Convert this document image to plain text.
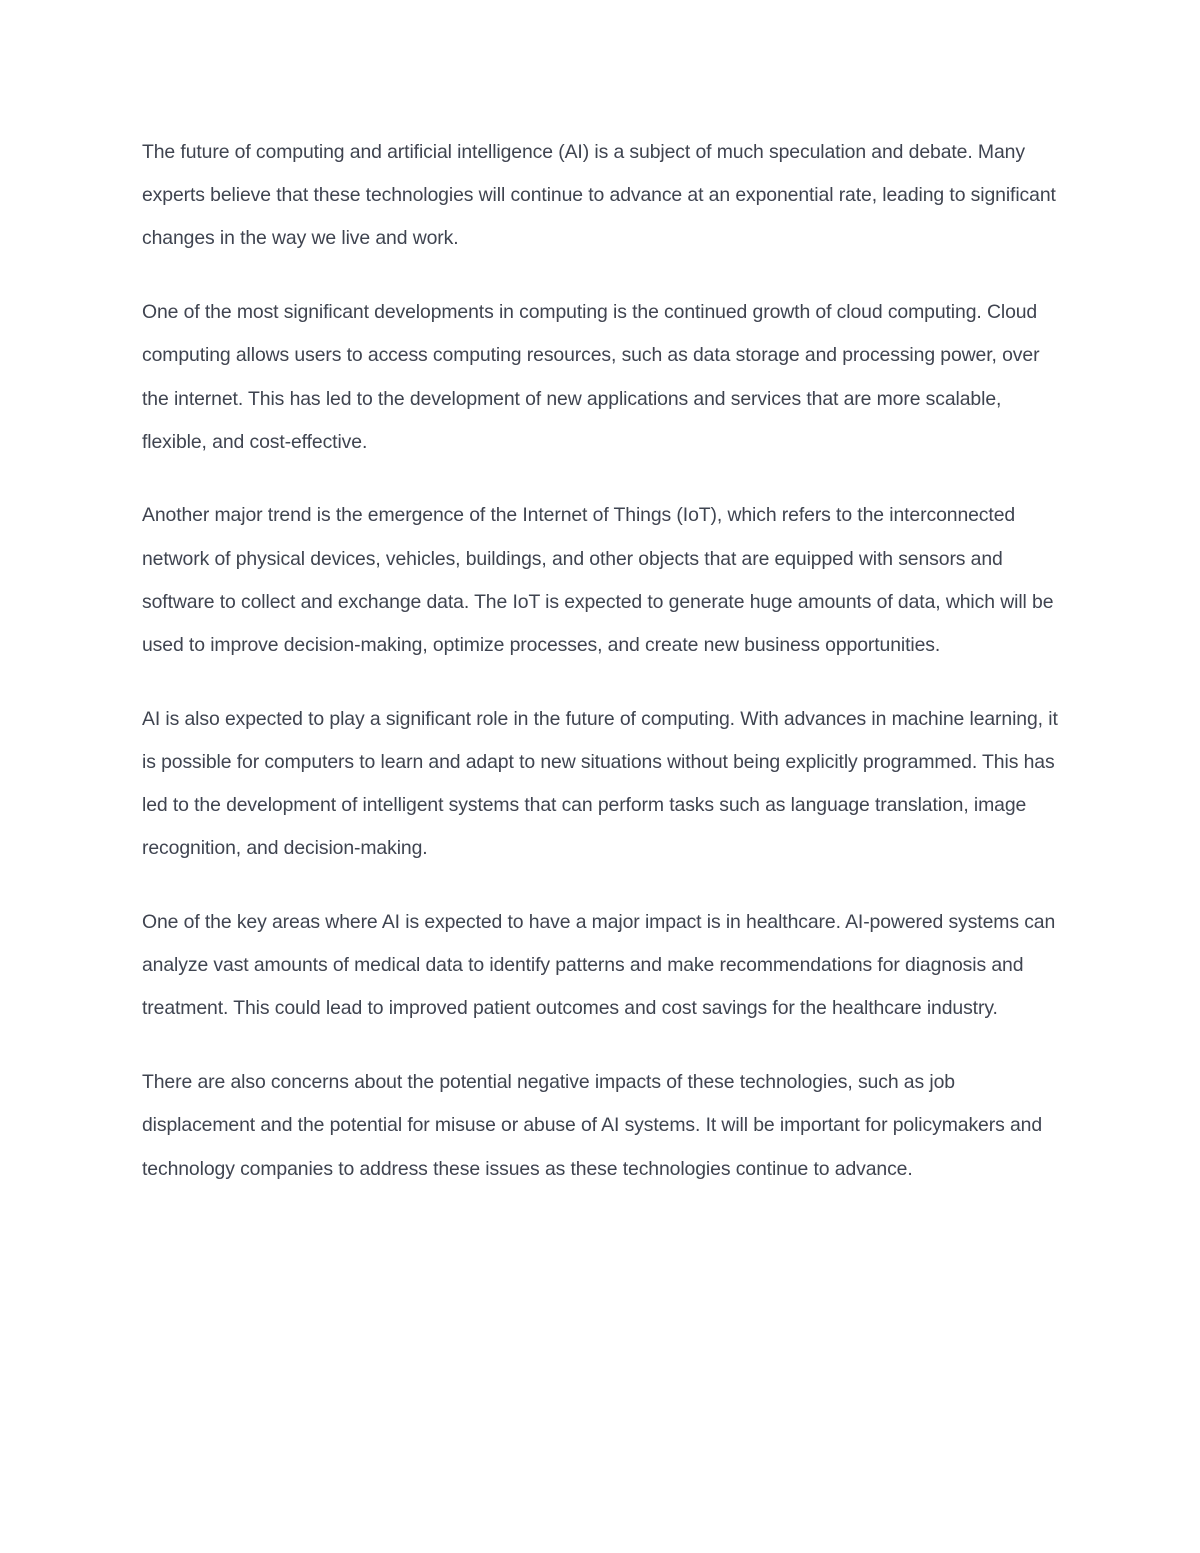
The future of computing and artificial intelligence (AI) is a subject of much speculation and debate. Many experts believe that these technologies will continue to advance at an exponential rate, leading to significant changes in the way we live and work.

One of the most significant developments in computing is the continued growth of cloud computing. Cloud computing allows users to access computing resources, such as data storage and processing power, over the internet. This has led to the development of new applications and services that are more scalable, flexible, and cost-effective.

Another major trend is the emergence of the Internet of Things (IoT), which refers to the interconnected network of physical devices, vehicles, buildings, and other objects that are equipped with sensors and software to collect and exchange data. The IoT is expected to generate huge amounts of data, which will be used to improve decision-making, optimize processes, and create new business opportunities.

AI is also expected to play a significant role in the future of computing. With advances in machine learning, it is possible for computers to learn and adapt to new situations without being explicitly programmed. This has led to the development of intelligent systems that can perform tasks such as language translation, image recognition, and decision-making.

One of the key areas where AI is expected to have a major impact is in healthcare. AI-powered systems can analyze vast amounts of medical data to identify patterns and make recommendations for diagnosis and treatment. This could lead to improved patient outcomes and cost savings for the healthcare industry.

There are also concerns about the potential negative impacts of these technologies, such as job displacement and the potential for misuse or abuse of AI systems. It will be important for policymakers and technology companies to address these issues as these technologies continue to advance.
